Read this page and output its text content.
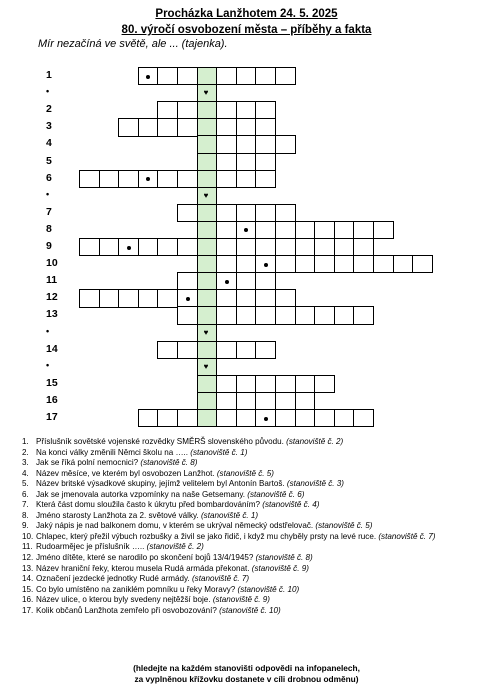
Procházka Lanžhotem 24. 5. 2025
80. výročí osvobození města – příběhy a fakta
Mír nezačíná ve světě, ale ... (tajenka).
1
•	♥
2
3
4
5
6
•	♥
7
8
9
10
11
12
13
•	♥
14
•	♥
15
16
17
1. Příslušník sovětské vojenské rozvědky SMĚRŠ slovenského původu. (stanoviště č. 2)
2. Na konci války změnili Němci školu na ….. (stanoviště č. 1)
3. Jak se říká polní nemocnici? (stanoviště č. 8)
4. Název měsíce, ve kterém byl osvobozen Lanžhot. (stanoviště č. 5)
5. Název britské výsadkové skupiny, jejímž velitelem byl Antonín Bartoš. (stanoviště č. 3)
6. Jak se jmenovala autorka vzpomínky na naše Getsemany. (stanoviště č. 6)
7. Která část domu sloužila často k úkrytu před bombardováním? (stanoviště č. 4)
8. Jméno starosty Lanžhota za 2. světové války. (stanoviště č. 1)
9. Jaký nápis je nad balkonem domu, v kterém se ukrýval německý odstřelovač. (stanoviště č. 5)
10. Chlapec, který přežil výbuch rozbušky a živil se jako řidič, i když mu chyběly prsty na levé ruce. (stanoviště č. 7)
11. Rudoarmějec je příslušník ….. (stanoviště č. 2)
12. Jméno dítěte, které se narodilo po skončení bojů 13/4/1945? (stanoviště č. 8)
13. Název hraniční řeky, kterou musela Rudá armáda překonat. (stanoviště č. 9)
14. Označení jezdecké jednotky Rudé armády. (stanoviště č. 7)
15. Co bylo umístěno na zaniklém pomníku u řeky Moravy? (stanoviště č. 10)
16. Název ulice, o kterou byly svedeny nejtěžší boje. (stanoviště č. 9)
17. Kolik občanů Lanžhota zemřelo při osvobozování? (stanoviště č. 10)
(hledejte na každém stanovišti odpovědi na infopanelech,
za vyplněnou křížovku dostanete v cíli drobnou odměnu)
